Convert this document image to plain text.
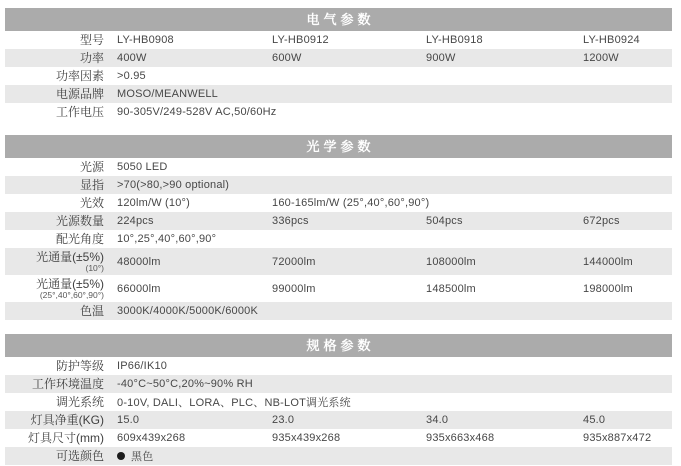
电气参数
型号 LY-HB0908	LY-HB0912	LY-HB0918	LY-HB0924
功率 400W	600W	900W	1200W
功率因素 >0.95
电源品牌 MOSO/MEANWELL
工作电压 90-305V/249-528V AC,50/60Hz
光学参数
光源 5050 LED
显指 >70(>80,>90 optional)
光效 120lm/W (10°)	160-165lm/W (25°,40°,60°,90°)
光源数量 224pcs	336pcs	504pcs	672pcs
配光角度 10°,25°,40°,60°,90°
光通量(±5%)
(10°) 48000lm	72000lm	108000lm	144000lm
光通量(±5%)
(25°,40°,60°,90°) 66000lm	99000lm	148500lm	198000lm
色温 3000K/4000K/5000K/6000K
规格参数
防护等级 IP66/IK10
工作环境温度 -40°C~50°C,20%~90% RH
调光系统 0-10V, DALI、LORA、PLC、NB-LOT调光系统
灯具净重(KG) 15.0	23.0	34.0	45.0
灯具尺寸(mm) 609x439x268	935x439x268	935x663x468	935x887x472
可选颜色	黑色
